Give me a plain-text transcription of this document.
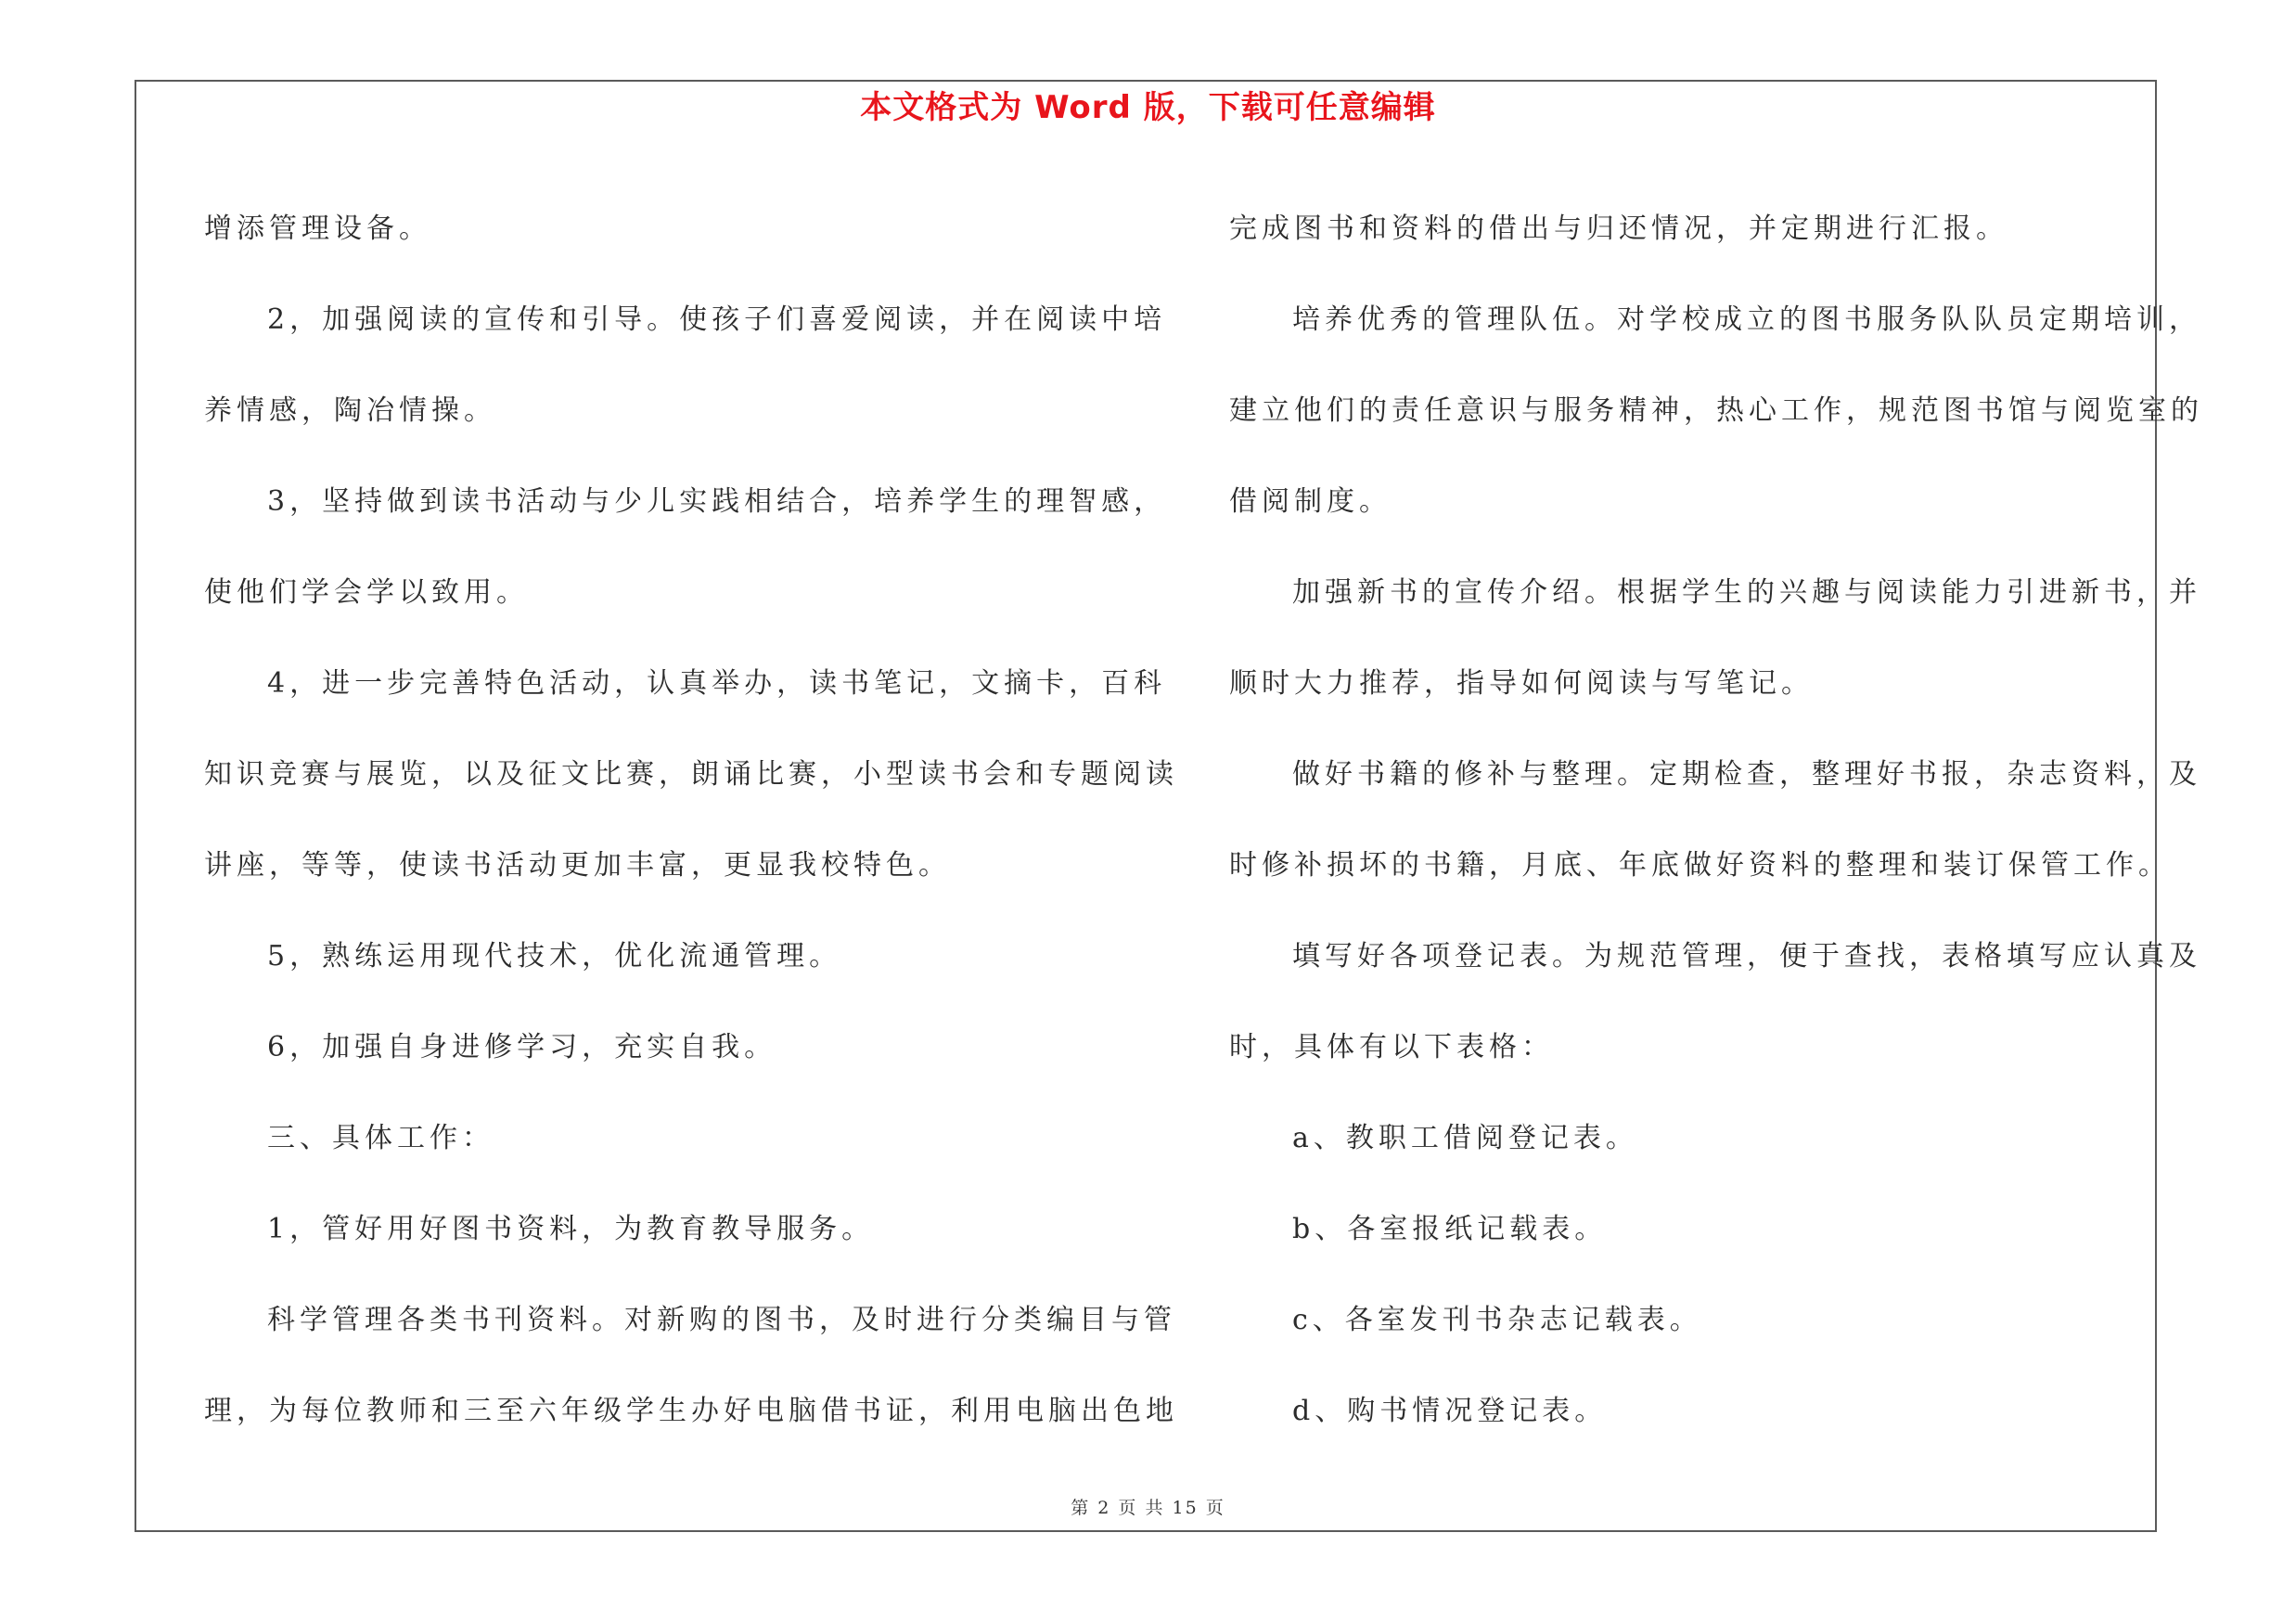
本文格式为 Word 版，下载可任意编辑

增添管理设备。

2，加强阅读的宣传和引导。使孩子们喜爱阅读，并在阅读中培

养情感，陶冶情操。

3，坚持做到读书活动与少儿实践相结合，培养学生的理智感，

使他们学会学以致用。

4，进一步完善特色活动，认真举办，读书笔记，文摘卡，百科

知识竞赛与展览，以及征文比赛，朗诵比赛，小型读书会和专题阅读

讲座，等等，使读书活动更加丰富，更显我校特色。

5，熟练运用现代技术，优化流通管理。

6，加强自身进修学习，充实自我。

三、具体工作：

1，管好用好图书资料，为教育教导服务。

科学管理各类书刊资料。对新购的图书，及时进行分类编目与管

理，为每位教师和三至六年级学生办好电脑借书证，利用电脑出色地

完成图书和资料的借出与归还情况，并定期进行汇报。

培养优秀的管理队伍。对学校成立的图书服务队队员定期培训，

建立他们的责任意识与服务精神，热心工作，规范图书馆与阅览室的

借阅制度。

加强新书的宣传介绍。根据学生的兴趣与阅读能力引进新书，并

顺时大力推荐，指导如何阅读与写笔记。

做好书籍的修补与整理。定期检查，整理好书报，杂志资料，及

时修补损坏的书籍，月底、年底做好资料的整理和装订保管工作。

填写好各项登记表。为规范管理，便于查找，表格填写应认真及

时，具体有以下表格：

a、教职工借阅登记表。

b、各室报纸记载表。

c、各室发刊书杂志记载表。

d、购书情况登记表。

第 2 页 共 15 页
